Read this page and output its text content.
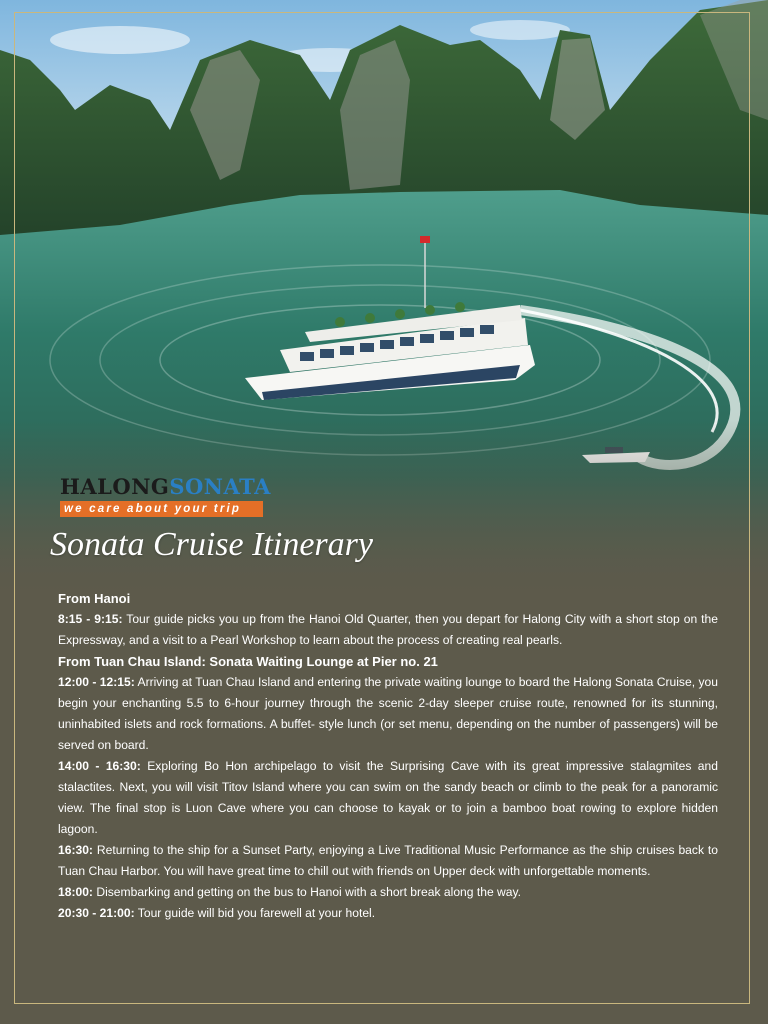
HALONGSONATA
we care about your trip
Sonata Cruise Itinerary

From Hanoi

8:15 - 9:15: Tour guide picks you up from the Hanoi Old Quarter, then you depart for Halong City with a short stop on the Expressway, and a visit to a Pearl Workshop to learn about the process of creating real pearls.

From Tuan Chau Island: Sonata Waiting Lounge at Pier no. 21

12:00 - 12:15: Arriving at Tuan Chau Island and entering the private waiting lounge to board the Halong Sonata Cruise, you begin your enchanting 5.5 to 6-hour journey through the scenic 2-day sleeper cruise route, renowned for its stunning, uninhabited islets and rock formations. A buffet- style lunch (or set menu, depending on the number of passengers) will be served on board.

14:00 - 16:30: Exploring Bo Hon archipelago to visit the Surprising Cave with its great impressive stalagmites and stalactites. Next, you will visit Titov Island where you can swim on the sandy beach or climb to the peak for a panoramic view. The final stop is Luon Cave where you can choose to kayak or to join a bamboo boat rowing to explore hidden lagoon.

16:30: Returning to the ship for a Sunset Party, enjoying a Live Traditional Music Performance as the ship cruises back to Tuan Chau Harbor. You will have great time to chill out with friends on Upper deck with unforgettable moments.

18:00: Disembarking and getting on the bus to Hanoi with a short break along the way.

20:30 - 21:00: Tour guide will bid you farewell at your hotel.
